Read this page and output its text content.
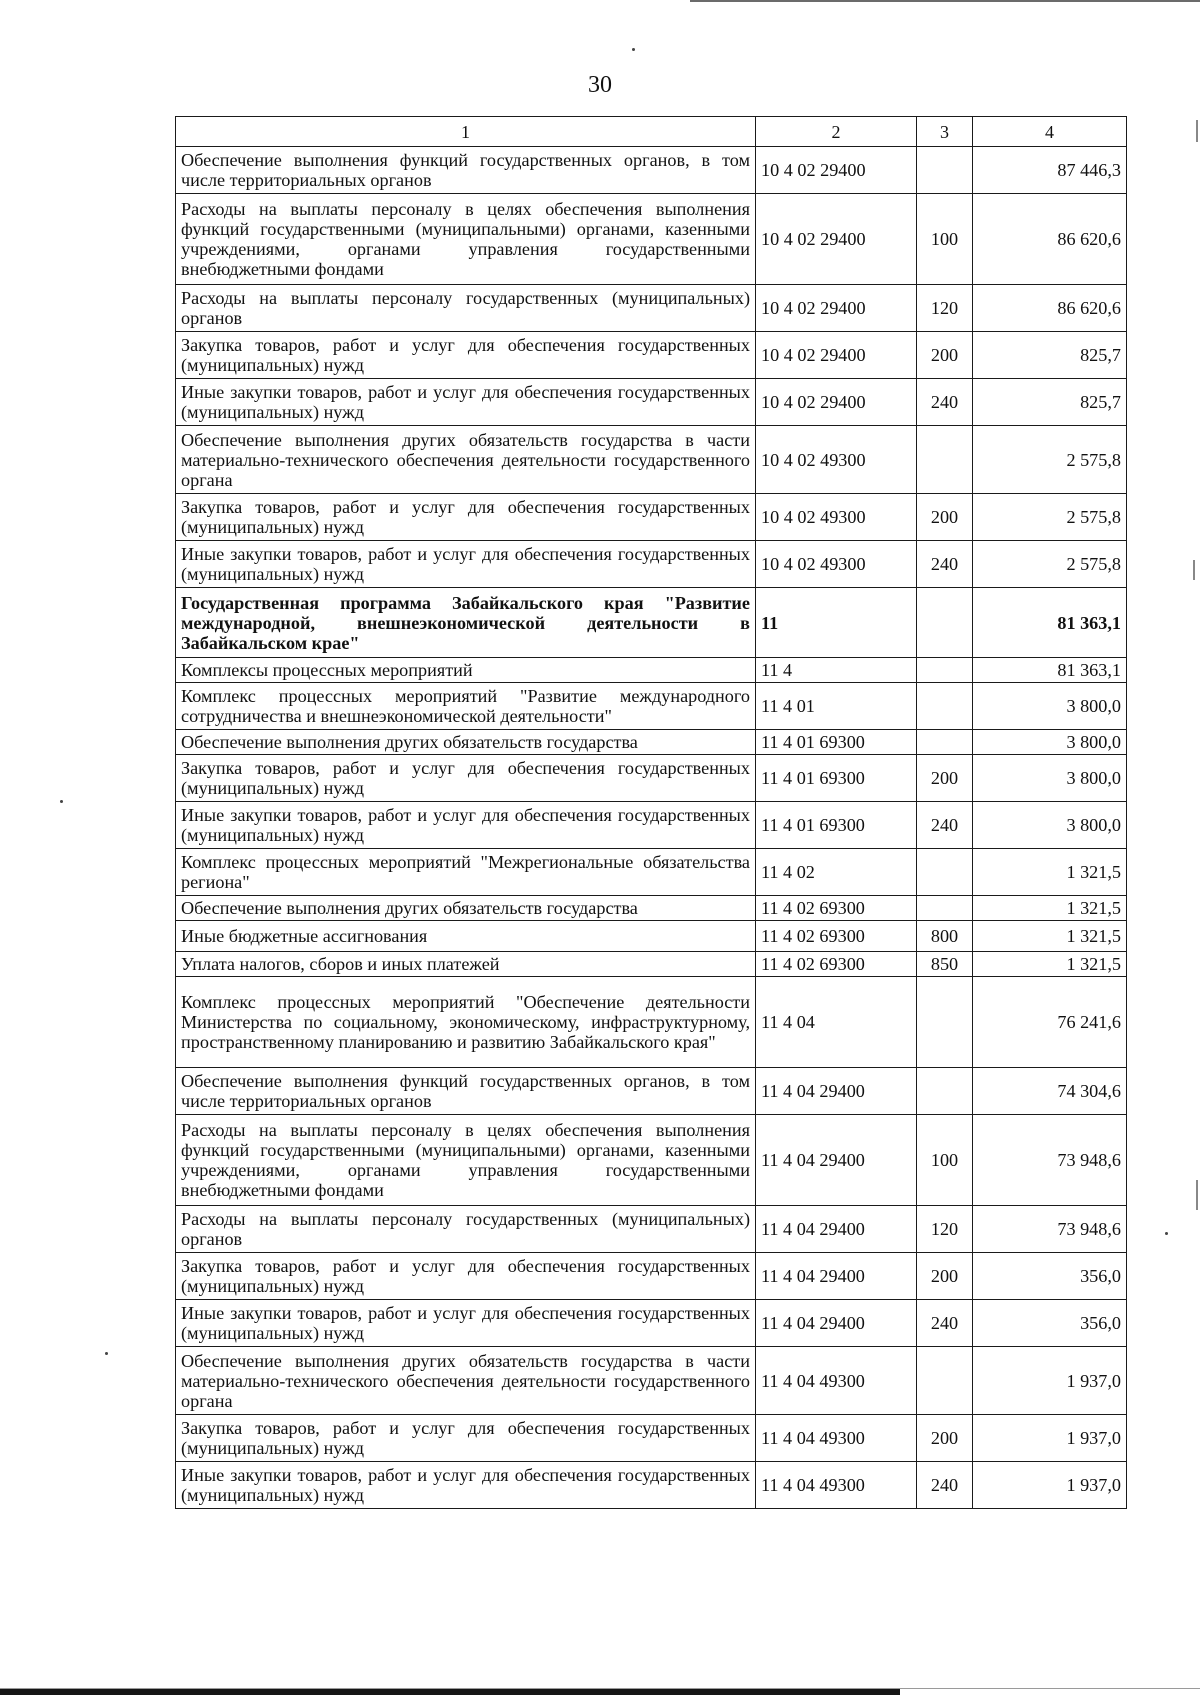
30
1	2	3	4
Обеспечение выполнения функций государственных органов, в том числе территориальных органов	10 4 02 29400		87 446,3
Расходы на выплаты персоналу в целях обеспечения выполнения функций государственными (муниципальными) органами, казенными учреждениями, органами управления государственными внебюджетными фондами	10 4 02 29400	100	86 620,6
Расходы на выплаты персоналу государственных (муниципальных) органов	10 4 02 29400	120	86 620,6
Закупка товаров, работ и услуг для обеспечения государственных (муниципальных) нужд	10 4 02 29400	200	825,7
Иные закупки товаров, работ и услуг для обеспечения государственных (муниципальных) нужд	10 4 02 29400	240	825,7
Обеспечение выполнения других обязательств государства в части материально-технического обеспечения деятельности государственного органа	10 4 02 49300		2 575,8
Закупка товаров, работ и услуг для обеспечения государственных (муниципальных) нужд	10 4 02 49300	200	2 575,8
Иные закупки товаров, работ и услуг для обеспечения государственных (муниципальных) нужд	10 4 02 49300	240	2 575,8
Государственная программа Забайкальского края "Развитие международной, внешнеэкономической деятельности в Забайкальском крае"	11		81 363,1
Комплексы процессных мероприятий	11 4		81 363,1
Комплекс процессных мероприятий "Развитие международного сотрудничества и внешнеэкономической деятельности"	11 4 01		3 800,0
Обеспечение выполнения других обязательств государства	11 4 01 69300		3 800,0
Закупка товаров, работ и услуг для обеспечения государственных (муниципальных) нужд	11 4 01 69300	200	3 800,0
Иные закупки товаров, работ и услуг для обеспечения государственных (муниципальных) нужд	11 4 01 69300	240	3 800,0
Комплекс процессных мероприятий "Межрегиональные обязательства региона"	11 4 02		1 321,5
Обеспечение выполнения других обязательств государства	11 4 02 69300		1 321,5
Иные бюджетные ассигнования	11 4 02 69300	800	1 321,5
Уплата налогов, сборов и иных платежей	11 4 02 69300	850	1 321,5
Комплекс процессных мероприятий "Обеспечение деятельности Министерства по социальному, экономическому, инфраструктурному, пространственному планированию и развитию Забайкальского края"	11 4 04		76 241,6
Обеспечение выполнения функций государственных органов, в том числе территориальных органов	11 4 04 29400		74 304,6
Расходы на выплаты персоналу в целях обеспечения выполнения функций государственными (муниципальными) органами, казенными учреждениями, органами управления государственными внебюджетными фондами	11 4 04 29400	100	73 948,6
Расходы на выплаты персоналу государственных (муниципальных) органов	11 4 04 29400	120	73 948,6
Закупка товаров, работ и услуг для обеспечения государственных (муниципальных) нужд	11 4 04 29400	200	356,0
Иные закупки товаров, работ и услуг для обеспечения государственных (муниципальных) нужд	11 4 04 29400	240	356,0
Обеспечение выполнения других обязательств государства в части материально-технического обеспечения деятельности государственного органа	11 4 04 49300		1 937,0
Закупка товаров, работ и услуг для обеспечения государственных (муниципальных) нужд	11 4 04 49300	200	1 937,0
Иные закупки товаров, работ и услуг для обеспечения государственных (муниципальных) нужд	11 4 04 49300	240	1 937,0
